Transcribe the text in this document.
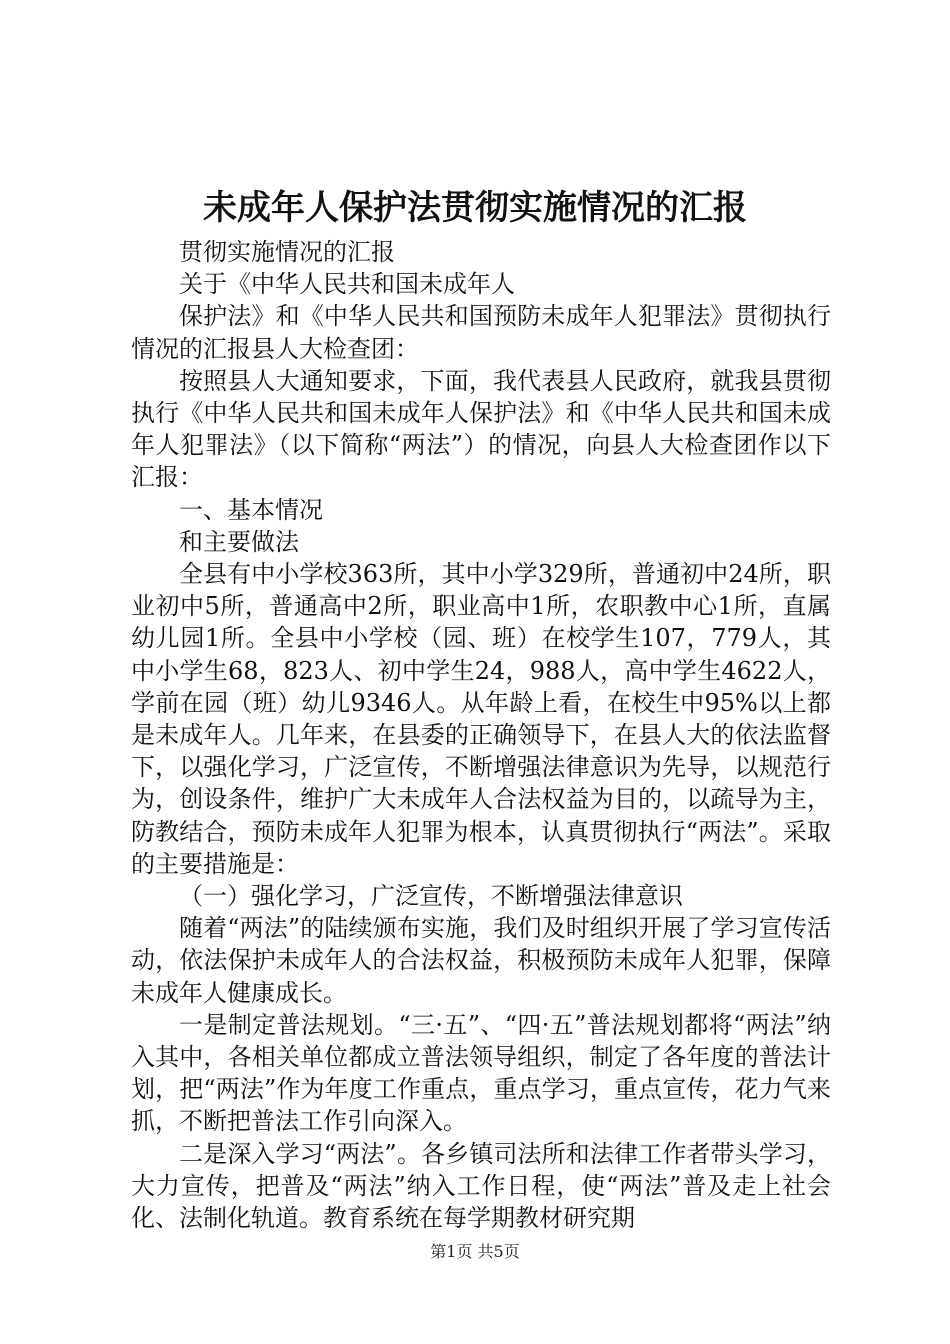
未成年人保护法贯彻实施情况的汇报

贯彻实施情况的汇报

关于《中华人民共和国未成年人

保护法》和《中华人民共和国预防未成年人犯罪法》贯彻执行情况的汇报县人大检查团：

按照县人大通知要求，下面，我代表县人民政府，就我县贯彻执行《中华人民共和国未成年人保护法》和《中华人民共和国未成年人犯罪法》（以下简称“两法”）的情况，向县人大检查团作以下汇报：

一、基本情况

和主要做法

全县有中小学校363所，其中小学329所，普通初中24所，职业初中5所，普通高中2所，职业高中1所，农职教中心1所，直属幼儿园1所。全县中小学校（园、班）在校学生107，779人，其中小学生68，823人、初中学生24，988人，高中学生4622人，学前在园（班）幼儿9346人。从年龄上看，在校生中95%以上都是未成年人。几年来，在县委的正确领导下，在县人大的依法监督下，以强化学习，广泛宣传，不断增强法律意识为先导，以规范行为，创设条件，维护广大未成年人合法权益为目的，以疏导为主，防教结合，预防未成年人犯罪为根本，认真贯彻执行“两法”。采取的主要措施是：

（一）强化学习，广泛宣传，不断增强法律意识

随着“两法”的陆续颁布实施，我们及时组织开展了学习宣传活动，依法保护未成年人的合法权益，积极预防未成年人犯罪，保障未成年人健康成长。

一是制定普法规划。“三·五”、“四·五”普法规划都将“两法”纳入其中，各相关单位都成立普法领导组织，制定了各年度的普法计划，把“两法”作为年度工作重点，重点学习，重点宣传，花力气来抓，不断把普法工作引向深入。

二是深入学习“两法”。各乡镇司法所和法律工作者带头学习，大力宣传，把普及“两法”纳入工作日程，使“两法”普及走上社会化、法制化轨道。教育系统在每学期教材研究期

第1页 共5页
